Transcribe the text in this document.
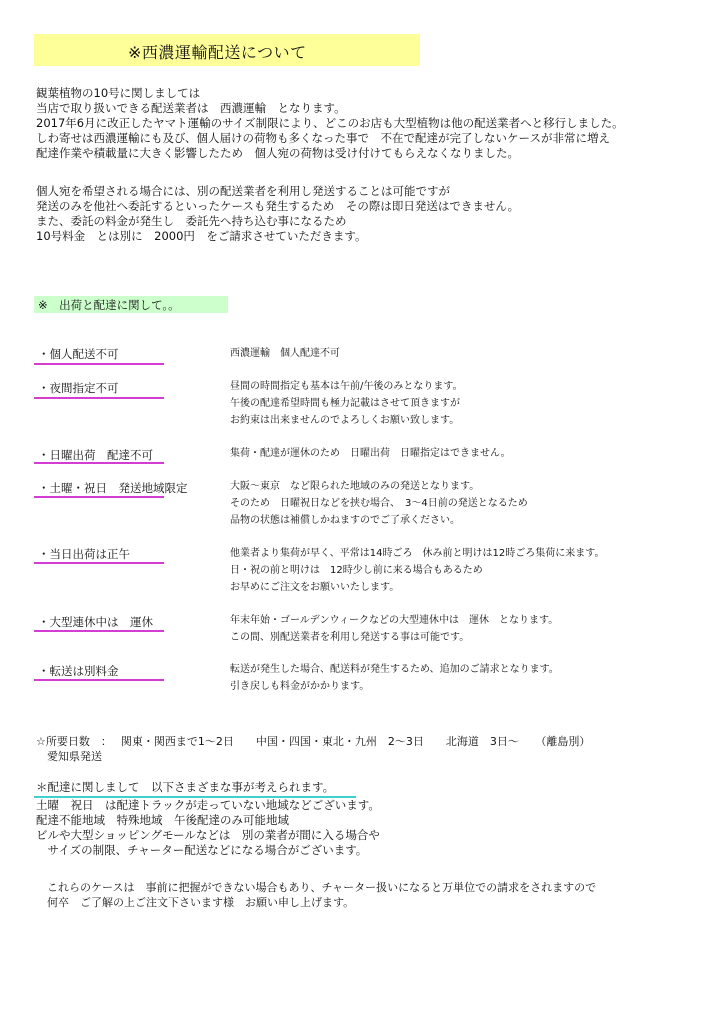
※西濃運輸配送について
観葉植物の10号に関しましては
当店で取り扱いできる配送業者は　西濃運輸　となります。
2017年6月に改正したヤマト運輸のサイズ制限により、どこのお店も大型植物は他の配送業者へと移行しました。
しわ寄せは西濃運輸にも及び、個人届けの荷物も多くなった事で　不在で配達が完了しないケースが非常に増え
配達作業や積載量に大きく影響したため　個人宛の荷物は受け付けてもらえなくなりました。
個人宛を希望される場合には、別の配送業者を利用し発送することは可能ですが
発送のみを他社へ委託するといったケースも発生するため　その際は即日発送はできません。
また、委託の料金が発生し　委託先へ持ち込む事になるため
10号料金　とは別に　2000円　をご請求させていただきます。
※　出荷と配達に関して。。
・個人配送不可	西濃運輸　個人配達不可
・夜間指定不可	昼間の時間指定も基本は午前/午後のみとなります。
午後の配達希望時間も極力記載はさせて頂きますが
お約束は出来ませんのでよろしくお願い致します。
・日曜出荷　配達不可	集荷・配達が運休のため　日曜出荷　日曜指定はできません。
・土曜・祝日　発送地域限定	大阪～東京　など限られた地域のみの発送となります。
そのため　日曜祝日などを挟む場合、　3～4日前の発送となるため
品物の状態は補償しかねますのでご了承ください。
・当日出荷は正午	他業者より集荷が早く、平常は14時ごろ　休み前と明けは12時ごろ集荷に来ます。
日・祝の前と明けは　12時少し前に来る場合もあるため
お早めにご注文をお願いいたします。
・大型連休中は　運休	年末年始・ゴールデンウィークなどの大型連休中は　運休　となります。
この間、別配送業者を利用し発送する事は可能です。
・転送は別料金	転送が発生した場合、配送料が発生するため、追加のご請求となります。
引き戻しも料金がかかります。
☆所要日数　：　 関東・関西まで1～2日　　中国・四国・東北・九州　2～3日　　北海道　3日～　　（離島別）
　愛知県発送
＊配達に関しまして　以下さまざまな事が考えられます。
土曜　祝日　は配達トラックが走っていない地域などございます。
配達不能地域　特殊地域　午後配達のみ可能地域
ビルや大型ショッピングモールなどは　別の業者が間に入る場合や
　サイズの制限、チャーター配送などになる場合がございます。
　これらのケースは　事前に把握ができない場合もあり、チャーター扱いになると万単位での請求をされますので
　何卒　ご了解の上ご注文下さいます様　お願い申し上げます。
